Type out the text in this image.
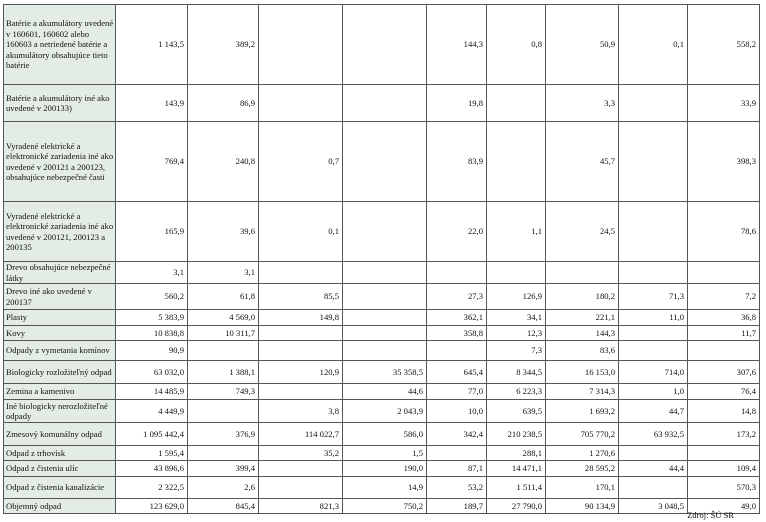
Batérie a akumulátory uvedené v 160601, 160602 alebo 160603 a netriedené batérie a akumulátory obsahujúce tieto batérie	1 143,5	389,2			144,3	0,8	50,9	0,1	558,2
Batérie a akumulátory iné ako uvedené v 200133)	143,9	86,9			19,8		3,3		33,9
Vyradené elektrické a elektronické zariadenia iné ako uvedené v 200121 a 200123, obsahujúce nebezpečné časti	769,4	240,8	0,7		83,9		45,7		398,3
Vyradené elektrické a elektronické zariadenia iné ako uvedené v 200121, 200123 a 200135	165,9	39,6	0,1		22,0	1,1	24,5		78,6
Drevo obsahujúce nebezpečné látky	3,1	3,1							
Drevo iné ako uvedené v 200137	560,2	61,8	85,5		27,3	126,9	180,2	71,3	7,2
Plasty	5 383,9	4 569,0	149,8		362,1	34,1	221,1	11,0	36,8
Kovy	10 838,8	10 311,7			358,8	12,3	144,3		11,7
Odpady z vymetania komínov	90,9					7,3	83,6		
Biologicky rozložiteľný odpad	63 032,0	1 388,1	120,9	35 358,5	645,4	8 344,5	16 153,0	714,0	307,6
Zemina a kamenivo	14 485,9	749,3		44,6	77,0	6 223,3	7 314,3	1,0	76,4
Iné biologicky nerozložiteľné odpady	4 449,9		3,8	2 043,9	10,0	639,5	1 693,2	44,7	14,8
Zmesový komunálny odpad	1 095 442,4	376,9	114 022,7	586,0	342,4	210 238,5	705 770,2	63 932,5	173,2
Odpad z trhovísk	1 595,4		35,2	1,5		288,1	1 270,6		
Odpad z čistenia ulíc	43 896,6	399,4		190,0	87,1	14 471,1	28 595,2	44,4	109,4
Odpad z čistenia kanalizácie	2 322,5	2,6		14,9	53,2	1 511,4	170,1		570,3
Objemný odpad	123 629,0	845,4	821,3	750,2	189,7	27 790,0	90 134,9	3 048,5	49,0
Zdroj: ŠÚ SR
